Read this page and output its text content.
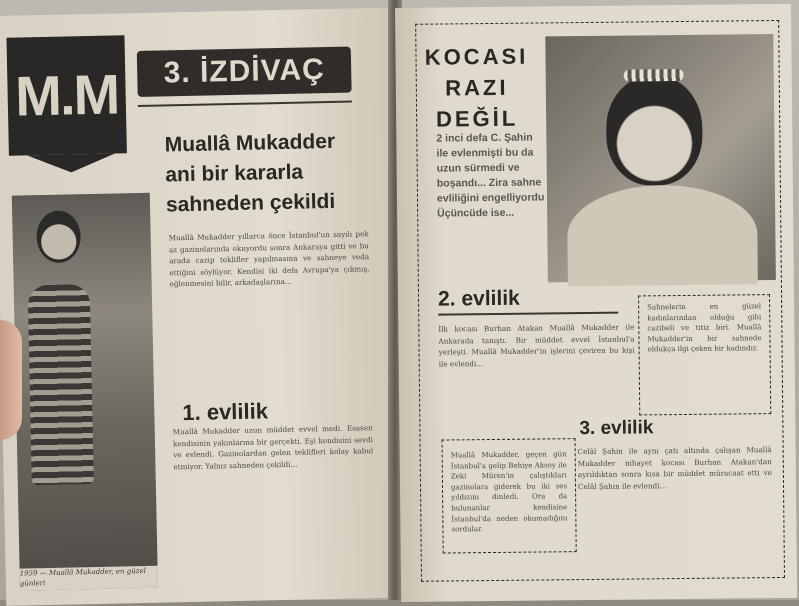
M.M	3. İZDİVAÇ
Muallâ Mukadder
ani bir kararla
sahneden çekildi
1959 — Muallâ Mukadder, en güzel günleri
Muallâ Mukadder yıllarca önce İstanbul'un sayılı pek az gazinolarında okuyordu sonra Ankaraya gitti ve bu arada cazip teklifler yapılmasına ve sahneye veda ettiğini söylüyor. Kendisi iki defa Avrupa'ya çıkmış, eğlenmesini bilir, arkadaşlarına...
1. evlilik
Muallâ Mukadder uzun müddet evvel medi. Esasen kendisinin yakınlarına bir gerçekti. Eşi kendisini sevdi ve evlendi. Gazinolardan gelen teklifleri kolay kabul etmiyor. Yalnız sahneden çekildi...
KOCASI
RAZI
DEĞİL
2 inci defa C. Şahin ile evlenmişti bu da uzun sürmedi ve boşandı... Zira sahne evliliğini engelliyordu Üçüncüde ise...
2. evlilik
İlk kocası Burhan Atakan Muallâ Mukadder ile Ankarada tanıştı. Bir müddet evvel İstanbul'a yerleşti. Muallâ Mukadder'in işlerini çeviren bu kişi ile evlendi...
Sahnelerin en güzel kadınlarından olduğu gibi cazibeli ve titiz biri. Muallâ Mukadder'in bir sahnede oldukça ilgi çeken bir kadındır.
3. evlilik
Celâl Şahin ile aynı çatı altında çalışan Muallâ Mukadder nihayet kocası Burhan Atakan'dan ayrıldıktan sonra kısa bir müddet müracaat etti ve Celâl Şahin ile evlendi...
Muallâ Mukadder, geçen gün İstanbul'a gelip Behiye Aksoy ile Zeki Müren'in çalıştıkları gazinolara giderek bu iki ses yıldızını dinledi. Ora da bulunanlar kendisine İstanbul'da neden okumadığını sordular.
